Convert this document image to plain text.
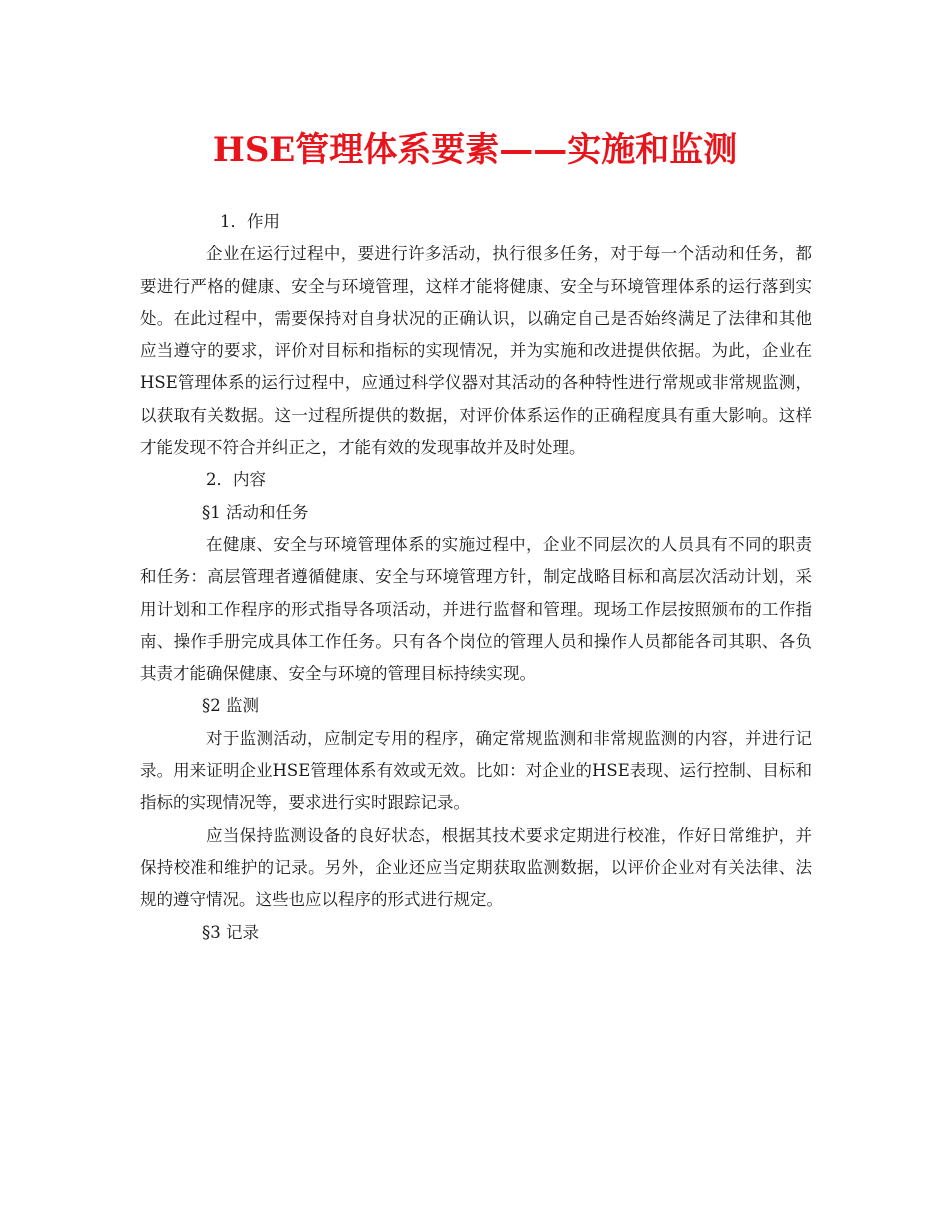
HSE管理体系要素——实施和监测

1．作用

企业在运行过程中，要进行许多活动，执行很多任务，对于每一个活动和任务，都要进行严格的健康、安全与环境管理，这样才能将健康、安全与环境管理体系的运行落到实处。在此过程中，需要保持对自身状况的正确认识，以确定自己是否始终满足了法律和其他应当遵守的要求，评价对目标和指标的实现情况，并为实施和改进提供依据。为此，企业在HSE管理体系的运行过程中，应通过科学仪器对其活动的各种特性进行常规或非常规监测，以获取有关数据。这一过程所提供的数据，对评价体系运作的正确程度具有重大影响。这样才能发现不符合并纠正之，才能有效的发现事故并及时处理。

2．内容

§1 活动和任务

在健康、安全与环境管理体系的实施过程中，企业不同层次的人员具有不同的职责和任务：高层管理者遵循健康、安全与环境管理方针，制定战略目标和高层次活动计划，采用计划和工作程序的形式指导各项活动，并进行监督和管理。现场工作层按照颁布的工作指南、操作手册完成具体工作任务。只有各个岗位的管理人员和操作人员都能各司其职、各负其责才能确保健康、安全与环境的管理目标持续实现。

§2 监测

对于监测活动，应制定专用的程序，确定常规监测和非常规监测的内容，并进行记录。用来证明企业HSE管理体系有效或无效。比如：对企业的HSE表现、运行控制、目标和指标的实现情况等，要求进行实时跟踪记录。

应当保持监测设备的良好状态，根据其技术要求定期进行校准，作好日常维护，并保持校准和维护的记录。另外，企业还应当定期获取监测数据，以评价企业对有关法律、法规的遵守情况。这些也应以程序的形式进行规定。

§3 记录
